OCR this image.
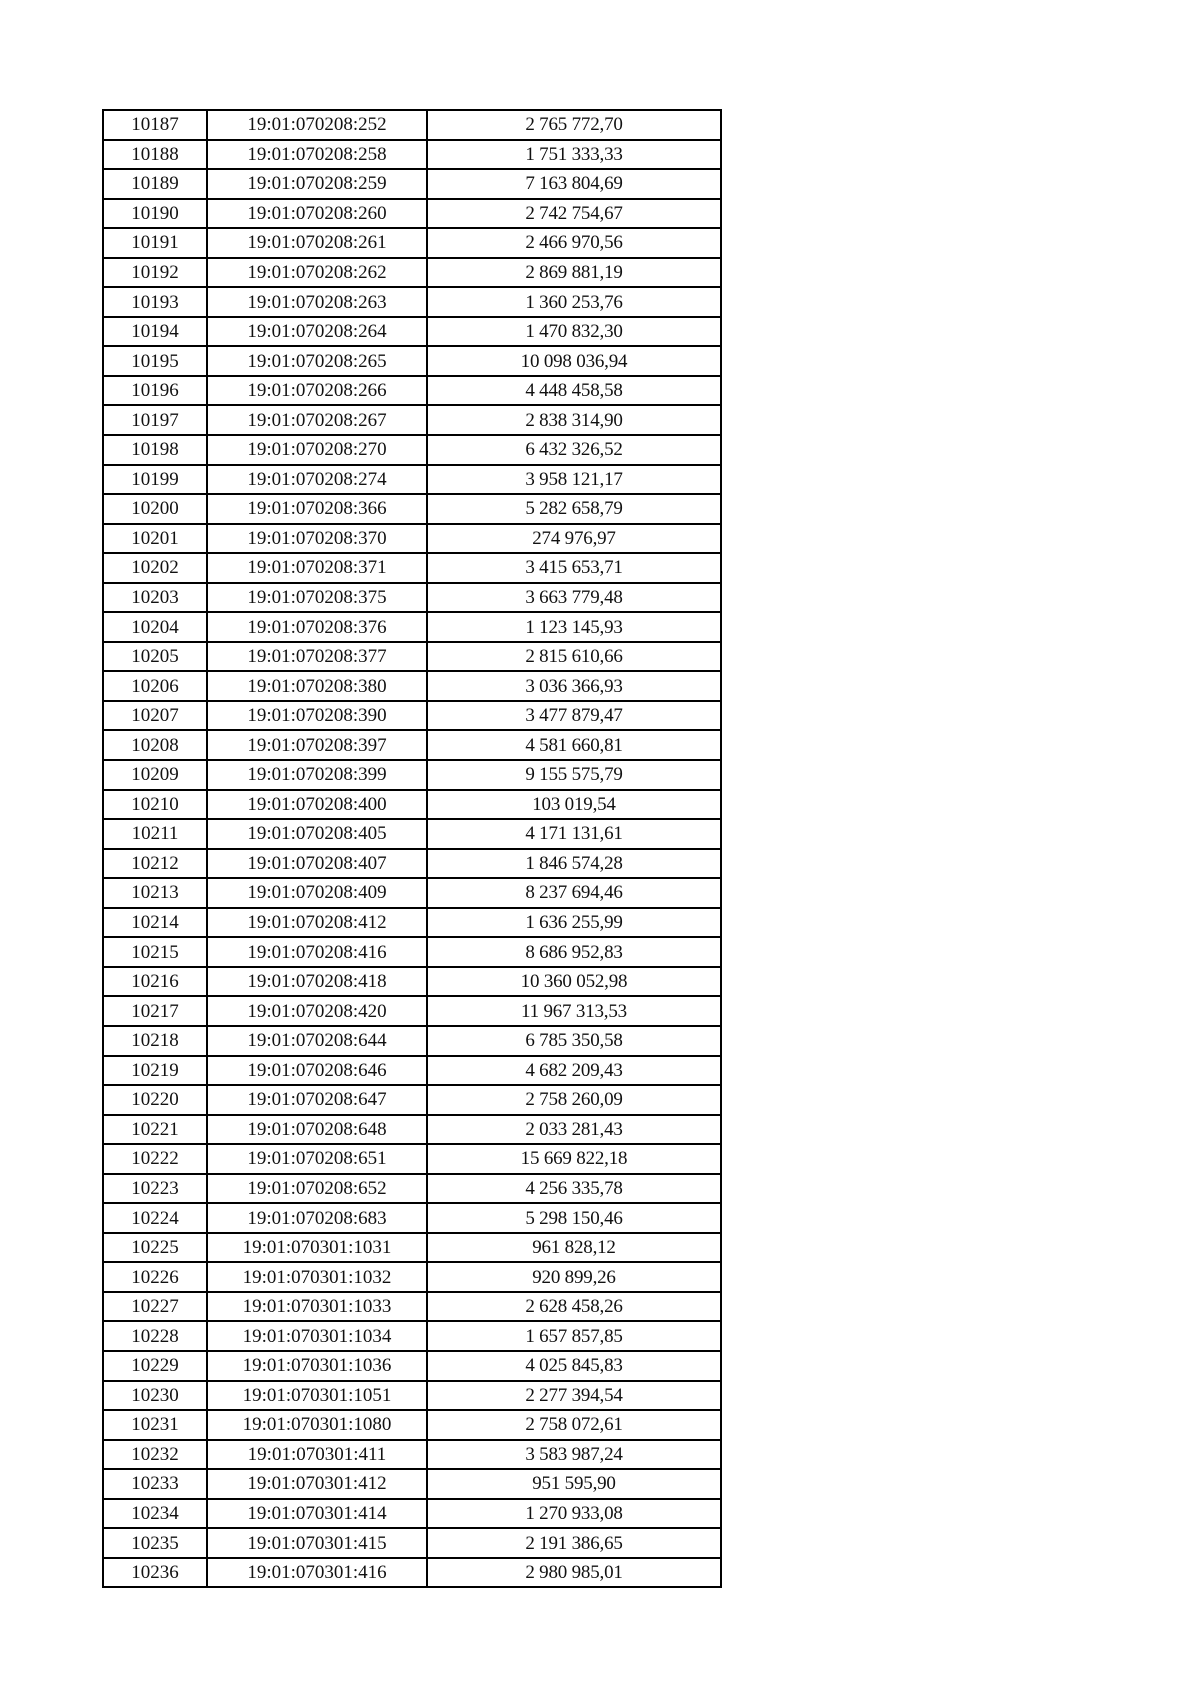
10187	19:01:070208:252	2 765 772,70
10188	19:01:070208:258	1 751 333,33
10189	19:01:070208:259	7 163 804,69
10190	19:01:070208:260	2 742 754,67
10191	19:01:070208:261	2 466 970,56
10192	19:01:070208:262	2 869 881,19
10193	19:01:070208:263	1 360 253,76
10194	19:01:070208:264	1 470 832,30
10195	19:01:070208:265	10 098 036,94
10196	19:01:070208:266	4 448 458,58
10197	19:01:070208:267	2 838 314,90
10198	19:01:070208:270	6 432 326,52
10199	19:01:070208:274	3 958 121,17
10200	19:01:070208:366	5 282 658,79
10201	19:01:070208:370	274 976,97
10202	19:01:070208:371	3 415 653,71
10203	19:01:070208:375	3 663 779,48
10204	19:01:070208:376	1 123 145,93
10205	19:01:070208:377	2 815 610,66
10206	19:01:070208:380	3 036 366,93
10207	19:01:070208:390	3 477 879,47
10208	19:01:070208:397	4 581 660,81
10209	19:01:070208:399	9 155 575,79
10210	19:01:070208:400	103 019,54
10211	19:01:070208:405	4 171 131,61
10212	19:01:070208:407	1 846 574,28
10213	19:01:070208:409	8 237 694,46
10214	19:01:070208:412	1 636 255,99
10215	19:01:070208:416	8 686 952,83
10216	19:01:070208:418	10 360 052,98
10217	19:01:070208:420	11 967 313,53
10218	19:01:070208:644	6 785 350,58
10219	19:01:070208:646	4 682 209,43
10220	19:01:070208:647	2 758 260,09
10221	19:01:070208:648	2 033 281,43
10222	19:01:070208:651	15 669 822,18
10223	19:01:070208:652	4 256 335,78
10224	19:01:070208:683	5 298 150,46
10225	19:01:070301:1031	961 828,12
10226	19:01:070301:1032	920 899,26
10227	19:01:070301:1033	2 628 458,26
10228	19:01:070301:1034	1 657 857,85
10229	19:01:070301:1036	4 025 845,83
10230	19:01:070301:1051	2 277 394,54
10231	19:01:070301:1080	2 758 072,61
10232	19:01:070301:411	3 583 987,24
10233	19:01:070301:412	951 595,90
10234	19:01:070301:414	1 270 933,08
10235	19:01:070301:415	2 191 386,65
10236	19:01:070301:416	2 980 985,01
